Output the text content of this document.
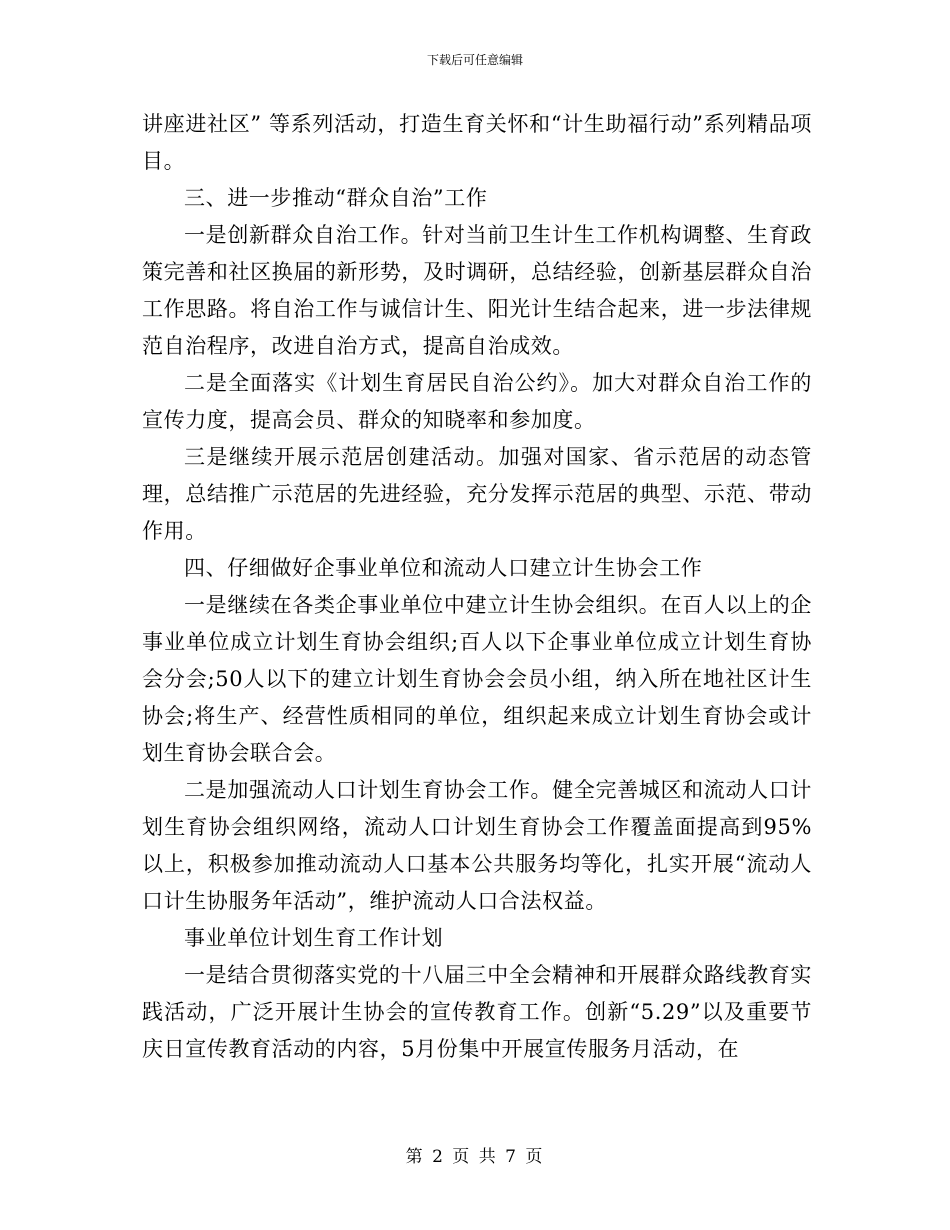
下载后可任意编辑

讲座进社区” 等系列活动，打造生育关怀和“计生助福行动”系列精品项目。

三、进一步推动“群众自治”工作

一是创新群众自治工作。针对当前卫生计生工作机构调整、生育政策完善和社区换届的新形势，及时调研，总结经验，创新基层群众自治工作思路。将自治工作与诚信计生、阳光计生结合起来，进一步法律规范自治程序，改进自治方式，提高自治成效。

二是全面落实《计划生育居民自治公约》。加大对群众自治工作的宣传力度，提高会员、群众的知晓率和参加度。

三是继续开展示范居创建活动。加强对国家、省示范居的动态管理，总结推广示范居的先进经验，充分发挥示范居的典型、示范、带动作用。

四、仔细做好企事业单位和流动人口建立计生协会工作

一是继续在各类企事业单位中建立计生协会组织。在百人以上的企事业单位成立计划生育协会组织;百人以下企事业单位成立计划生育协会分会;50人以下的建立计划生育协会会员小组，纳入所在地社区计生协会;将生产、经营性质相同的单位，组织起来成立计划生育协会或计划生育协会联合会。

二是加强流动人口计划生育协会工作。健全完善城区和流动人口计划生育协会组织网络，流动人口计划生育协会工作覆盖面提高到95%以上，积极参加推动流动人口基本公共服务均等化，扎实开展“流动人口计生协服务年活动”，维护流动人口合法权益。

事业单位计划生育工作计划

一是结合贯彻落实党的十八届三中全会精神和开展群众路线教育实践活动，广泛开展计生协会的宣传教育工作。创新“5.29”以及重要节庆日宣传教育活动的内容，5月份集中开展宣传服务月活动，在

第 2 页 共 7 页
